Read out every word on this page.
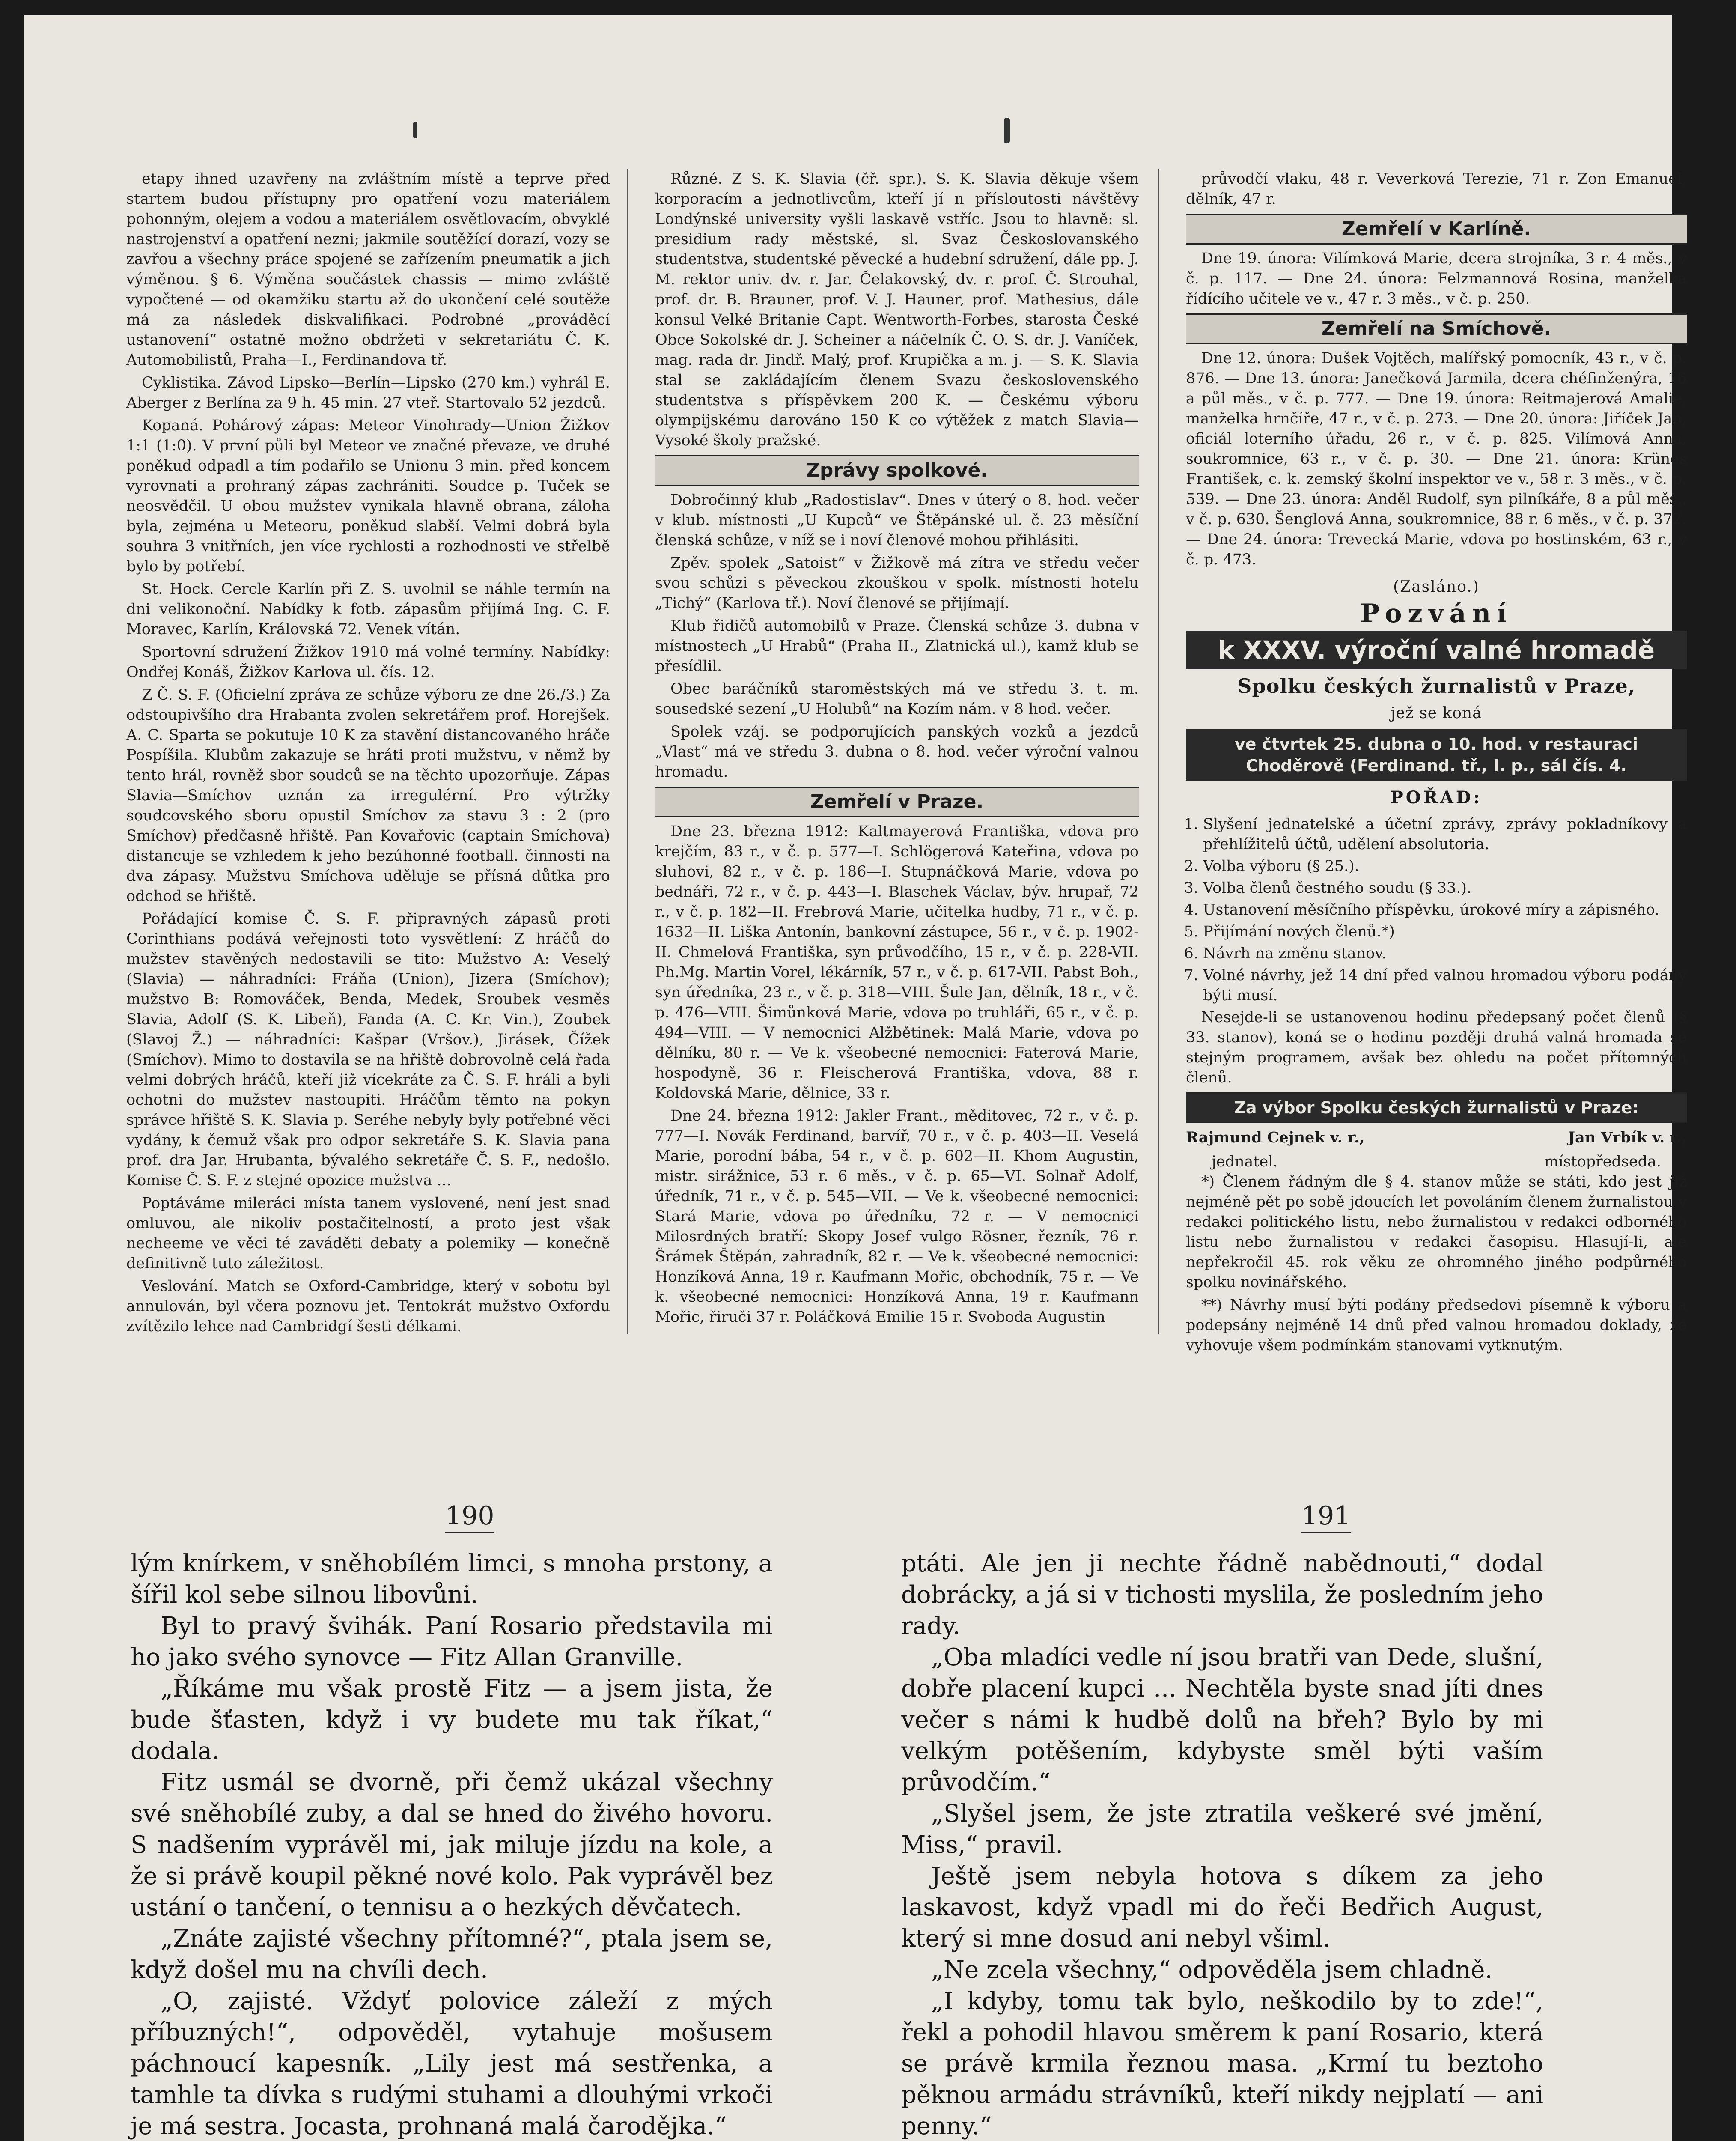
etapy ihned uzavřeny na zvláštním místě a teprve před startem budou přístupny pro opatření vozu materiálem pohonným, olejem a vodou a materiálem osvětlovacím, obvyklé nastrojenství a opatření nezni; jakmile soutěžící dorazí, vozy se zavřou a všechny práce spojené se zařízením pneumatik a jich výměnou. § 6. Výměna součástek chassis — mimo zvláště vypočtené — od okamžiku startu až do ukončení celé soutěže má za následek diskvalifikaci. Podrobné „prováděcí ustanovení“ ostatně možno obdržeti v sekretariátu Č. K. Automobilistů, Praha—I., Ferdinandova tř.

Cyklistika. Závod Lipsko—Berlín—Lipsko (270 km.) vyhrál E. Aberger z Berlína za 9 h. 45 min. 27 vteř. Startovalo 52 jezdců.

Kopaná. Pohárový zápas: Meteor Vinohrady—Union Žižkov 1:1 (1:0). V první půli byl Meteor ve značné převaze, ve druhé poněkud odpadl a tím podařilo se Unionu 3 min. před koncem vyrovnati a prohraný zápas zachrániti. Soudce p. Tuček se neosvědčil. U obou mužstev vynikala hlavně obrana, záloha byla, zejména u Meteoru, poněkud slabší. Velmi dobrá byla souhra 3 vnitřních, jen více rychlosti a rozhodnosti ve střelbě bylo by potřebí.

St. Hock. Cercle Karlín při Z. S. uvolnil se náhle termín na dni velikonoční. Nabídky k fotb. zápasům přijímá Ing. C. F. Moravec, Karlín, Královská 72. Venek vítán.

Sportovní sdružení Žižkov 1910 má volné termíny. Nabídky: Ondřej Konáš, Žižkov Karlova ul. čís. 12.

Z Č. S. F. (Oficielní zpráva ze schůze výboru ze dne 26./3.) Za odstoupivšího dra Hrabanta zvolen sekretářem prof. Horejšek. A. C. Sparta se pokutuje 10 K za stavění distancovaného hráče Pospíšila. Klubům zakazuje se hráti proti mužstvu, v němž by tento hrál, rovněž sbor soudců se na těchto upozorňuje. Zápas Slavia—Smíchov uznán za irregulérní. Pro výtržky soudcovského sboru opustil Smíchov za stavu 3 : 2 (pro Smíchov) předčasně hřiště. Pan Kovařovic (captain Smíchova) distancuje se vzhledem k jeho bezúhonné football. činnosti na dva zápasy. Mužstvu Smíchova uděluje se přísná důtka pro odchod se hřiště.

Pořádající komise Č. S. F. připravných zápasů proti Corinthians podává veřejnosti toto vysvětlení: Z hráčů do mužstev stavěných nedostavili se tito: Mužstvo A: Veselý (Slavia) — náhradníci: Fráňa (Union), Jizera (Smíchov); mužstvo B: Romováček, Benda, Medek, Sroubek vesměs Slavia, Adolf (S. K. Libeň), Fanda (A. C. Kr. Vin.), Zoubek (Slavoj Ž.) — náhradníci: Kašpar (Vršov.), Jirásek, Čížek (Smíchov). Mimo to dostavila se na hřiště dobrovolně celá řada velmi dobrých hráčů, kteří již vícekráte za Č. S. F. hráli a byli ochotni do mužstev nastoupiti. Hráčům těmto na pokyn správce hřiště S. K. Slavia p. Seréhe nebyly byly potřebné věci vydány, k čemuž však pro odpor sekretáře S. K. Slavia pana prof. dra Jar. Hrubanta, bývalého sekretáře Č. S. F., nedošlo. Komise Č. S. F. z stejné opozice mužstva ...

Poptáváme mileráci místa tanem vyslovené, není jest snad omluvou, ale nikoliv postačitelností, a proto jest však necheeme ve věci té zaváděti debaty a polemiky — konečně definitivně tuto záležitost.

Veslování. Match se Oxford-Cambridge, který v sobotu byl annulován, byl včera poznovu jet. Tentokrát mužstvo Oxfordu zvítězilo lehce nad Cambridgí šesti délkami.

Různé. Z S. K. Slavia (čř. spr.). S. K. Slavia děkuje všem korporacím a jednotlivcům, kteří jí n přísloutosti návštěvy Londýnské university vyšli laskavě vstříc. Jsou to hlavně: sl. presidium rady městské, sl. Svaz Českoslovanského studentstva, studentské pěvecké a hudební sdružení, dále pp. J. M. rektor univ. dv. r. Jar. Čelakovský, dv. r. prof. Č. Strouhal, prof. dr. B. Brauner, prof. V. J. Hauner, prof. Mathesius, dále konsul Velké Britanie Capt. Wentworth-Forbes, starosta České Obce Sokolské dr. J. Scheiner a náčelník Č. O. S. dr. J. Vaníček, mag. rada dr. Jindř. Malý, prof. Krupička a m. j. — S. K. Slavia stal se zakládajícím členem Svazu československého studentstva s příspěvkem 200 K. — Českému výboru olympijskému darováno 150 K co výtěžek z match Slavia—Vysoké školy pražské.

Zprávy spolkové.

Dobročinný klub „Radostislav“. Dnes v úterý o 8. hod. večer v klub. místnosti „U Kupců“ ve Štěpánské ul. č. 23 měsíční členská schůze, v níž se i noví členové mohou přihlásiti.

Zpěv. spolek „Satoist“ v Žižkově má zítra ve středu večer svou schůzi s pěveckou zkouškou v spolk. místnosti hotelu „Tichý“ (Karlova tř.). Noví členové se přijímají.

Klub řidičů automobilů v Praze. Členská schůze 3. dubna v místnostech „U Hrabů“ (Praha II., Zlatnická ul.), kamž klub se přesídlil.

Obec baráčníků staroměstských má ve středu 3. t. m. sousedské sezení „U Holubů“ na Kozím nám. v 8 hod. večer.

Spolek vzáj. se podporujících panských vozků a jezdců „Vlast“ má ve středu 3. dubna o 8. hod. večer výroční valnou hromadu.

Zemřelí v Praze.

Dne 23. března 1912: Kaltmayerová Františka, vdova pro krejčím, 83 r., v č. p. 577—I. Schlögerová Kateřina, vdova po sluhovi, 82 r., v č. p. 186—I. Stupnáčková Marie, vdova po bednáři, 72 r., v č. p. 443—I. Blaschek Václav, býv. hrupař, 72 r., v č. p. 182—II. Frebrová Marie, učitelka hudby, 71 r., v č. p. 1632—II. Liška Antonín, bankovní zástupce, 56 r., v č. p. 1902-II. Chmelová Františka, syn průvodčího, 15 r., v č. p. 228-VII. Ph.Mg. Martin Vorel, lékárník, 57 r., v č. p. 617-VII. Pabst Boh., syn úředníka, 23 r., v č. p. 318—VIII. Šule Jan, dělník, 18 r., v č. p. 476—VIII. Šimůnková Marie, vdova po truhláři, 65 r., v č. p. 494—VIII. — V nemocnici Alžbětinek: Malá Marie, vdova po dělníku, 80 r. — Ve k. všeobecné nemocnici: Faterová Marie, hospodyně, 36 r. Fleischerová Františka, vdova, 88 r. Koldovská Marie, dělnice, 33 r.

Dne 24. března 1912: Jakler Frant., měditovec, 72 r., v č. p. 777—I. Novák Ferdinand, barvíř, 70 r., v č. p. 403—II. Veselá Marie, porodní bába, 54 r., v č. p. 602—II. Khom Augustin, mistr. sirážnice, 53 r. 6 měs., v č. p. 65—VI. Solnař Adolf, úředník, 71 r., v č. p. 545—VII. — Ve k. všeobecné nemocnici: Stará Marie, vdova po úředníku, 72 r. — V nemocnici Milosrdných bratří: Skopy Josef vulgo Rösner, řezník, 76 r. Šrámek Štěpán, zahradník, 82 r. — Ve k. všeobecné nemocnici: Honzíková Anna, 19 r. Kaufmann Mořic, obchodník, 75 r. — Ve k. všeobecné nemocnici: Honzíková Anna, 19 r. Kaufmann Mořic, řiruči 37 r. Poláčková Emilie 15 r. Svoboda Augustin

průvodčí vlaku, 48 r. Veverková Terezie, 71 r. Zon Emanuel, dělník, 47 r.

Zemřelí v Karlíně.

Dne 19. února: Vilímková Marie, dcera strojníka, 3 r. 4 měs., v č. p. 117. — Dne 24. února: Felzmannová Rosina, manželka řídícího učitele ve v., 47 r. 3 měs., v č. p. 250.

Zemřelí na Smíchově.

Dne 12. února: Dušek Vojtěch, malířský pomocník, 43 r., v č. p. 876. — Dne 13. února: Janečková Jarmila, dcera chéfinženýra, 16 a půl měs., v č. p. 777. — Dne 19. února: Reitmajerová Amalie, manželka hrnčíře, 47 r., v č. p. 273. — Dne 20. února: Jiříček Jan, oficiál loterního úřadu, 26 r., v č. p. 825. Vilímová Anna, soukromnice, 63 r., v č. p. 30. — Dne 21. února: Krünes František, c. k. zemský školní inspektor ve v., 58 r. 3 měs., v č. p. 539. — Dne 23. února: Anděl Rudolf, syn pilníkáře, 8 a půl měs., v č. p. 630. Šenglová Anna, soukromnice, 88 r. 6 měs., v č. p. 372. — Dne 24. února: Trevecká Marie, vdova po hostinském, 63 r., v č. p. 473.

(Zasláno.)
Pozvání
k XXXV. výroční valné hromadě
Spolku českých žurnalistů v Praze,
jež se koná
ve čtvrtek 25. dubna o 10. hod. v restauraci Choděrově (Ferdinand. tř., I. p., sál čís. 4.
POŘAD:
1. Slyšení jednatelské a účetní zprávy, zprávy pokladníkovy a přehlížitelů účtů, udělení absolutoria.
2. Volba výboru (§ 25.).
3. Volba členů čestného soudu (§ 33.).
4. Ustanovení měsíčního příspěvku, úrokové míry a zápisného.
5. Přijímání nových členů.*)
6. Návrh na změnu stanov.
7. Volné návrhy, jež 14 dní před valnou hromadou výboru podány býti musí.

Nesejde-li se ustanovenou hodinu předepsaný počet členů (§ 33. stanov), koná se o hodinu později druhá valná hromada se stejným programem, avšak bez ohledu na počet přítomných členů.

Za výbor Spolku českých žurnalistů v Praze:
Rajmund Cejnek v. r.,	Jan Vrbík v. r.,
jednatel.	místopředseda.

*) Členem řádným dle § 4. stanov může se státi, kdo jest již nejméně pět po sobě jdoucích let povoláním členem žurnalistou v redakci politického listu, nebo žurnalistou v redakci odborného listu nebo žurnalistou v redakci časopisu. Hlasují-li, ale nepřekročil 45. rok věku ze ohromného jiného podpůrného spolku novinářského.

**) Návrhy musí býti podány předsedovi písemně k výboru a podepsány nejméně 14 dnů před valnou hromadou doklady, že vyhovuje všem podmínkám stanovami vytknutým.

190	191

lým knírkem, v sněhobílém limci, s mnoha prstony, a šířil kol sebe silnou libovůni.

Byl to pravý švihák. Paní Rosario představila mi ho jako svého synovce — Fitz Allan Granville.

„Říkáme mu však prostě Fitz — a jsem jista, že bude šťasten, když i vy budete mu tak říkat,“ dodala.

Fitz usmál se dvorně, při čemž ukázal všechny své sněhobílé zuby, a dal se hned do živého hovoru. S nadšením vyprávěl mi, jak miluje jízdu na kole, a že si právě koupil pěkné nové kolo. Pak vyprávěl bez ustání o tančení, o tennisu a o hezkých děvčatech.

„Znáte zajisté všechny přítomné?“, ptala jsem se, když došel mu na chvíli dech.

„O, zajisté. Vždyť polovice záleží z mých příbuzných!“, odpověděl, vytahuje mošusem páchnoucí kapesník. „Lily jest má sestřenka, a tamhle ta dívka s rudými stuhami a dlouhými vrkoči je má sestra. Jocasta, prohnaná malá čarodějka.“

ptáti. Ale jen ji nechte řádně nabědnouti,“ dodal dobrácky, a já si v tichosti myslila, že posledním jeho rady.

„Oba mladíci vedle ní jsou bratři van Dede, slušní, dobře placení kupci ... Nechtěla byste snad jíti dnes večer s námi k hudbě dolů na břeh? Bylo by mi velkým potěšením, kdybyste směl býti vaším průvodčím.“

„Slyšel jsem, že jste ztratila veškeré své jmění, Miss,“ pravil.

Ještě jsem nebyla hotova s díkem za jeho laskavost, když vpadl mi do řeči Bedřich August, který si mne dosud ani nebyl všiml.

„Ne zcela všechny,“ odpověděla jsem chladně.

„I kdyby, tomu tak bylo, neškodilo by to zde!“, řekl a pohodil hlavou směrem k paní Rosario, která se právě krmila řeznou masa. „Krmí tu beztoho pěknou armádu strávníků, kteří nikdy nejplatí — ani penny.“
